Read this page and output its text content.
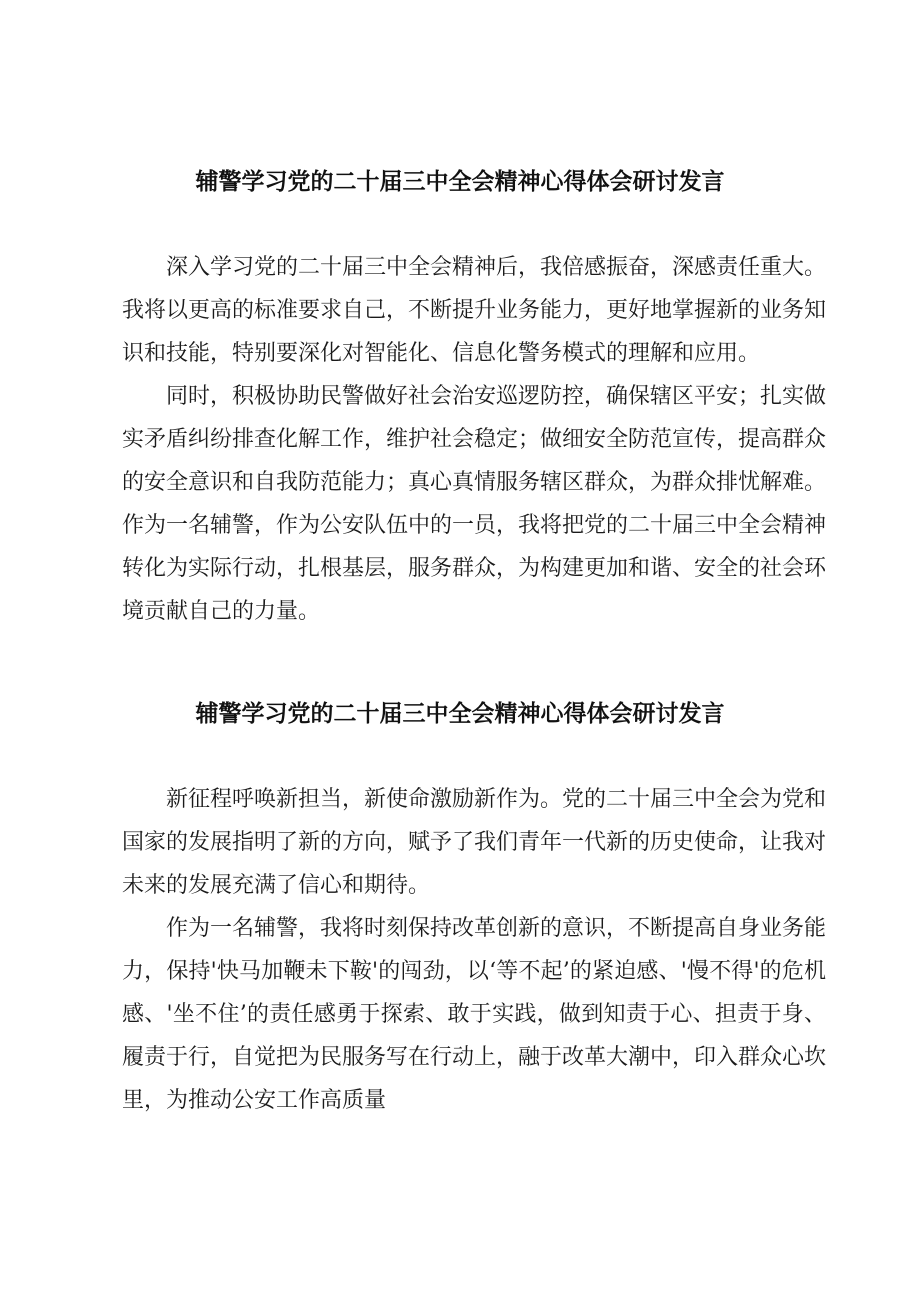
辅警学习党的二十届三中全会精神心得体会研讨发言

深入学习党的二十届三中全会精神后，我倍感振奋，深感责任重大。我将以更高的标准要求自己，不断提升业务能力，更好地掌握新的业务知识和技能，特别要深化对智能化、信息化警务模式的理解和应用。

同时，积极协助民警做好社会治安巡逻防控，确保辖区平安；扎实做实矛盾纠纷排查化解工作，维护社会稳定；做细安全防范宣传，提高群众的安全意识和自我防范能力；真心真情服务辖区群众，为群众排忧解难。作为一名辅警，作为公安队伍中的一员，我将把党的二十届三中全会精神转化为实际行动，扎根基层，服务群众，为构建更加和谐、安全的社会环境贡献自己的力量。

辅警学习党的二十届三中全会精神心得体会研讨发言

新征程呼唤新担当，新使命激励新作为。党的二十届三中全会为党和国家的发展指明了新的方向，赋予了我们青年一代新的历史使命，让我对未来的发展充满了信心和期待。

作为一名辅警，我将时刻保持改革创新的意识，不断提高自身业务能力，保持'快马加鞭未下鞍'的闯劲，以‘等不起’的紧迫感、'慢不得'的危机感、'坐不住’的责任感勇于探索、敢于实践，做到知责于心、担责于身、履责于行，自觉把为民服务写在行动上，融于改革大潮中，印入群众心坎里，为推动公安工作高质量
